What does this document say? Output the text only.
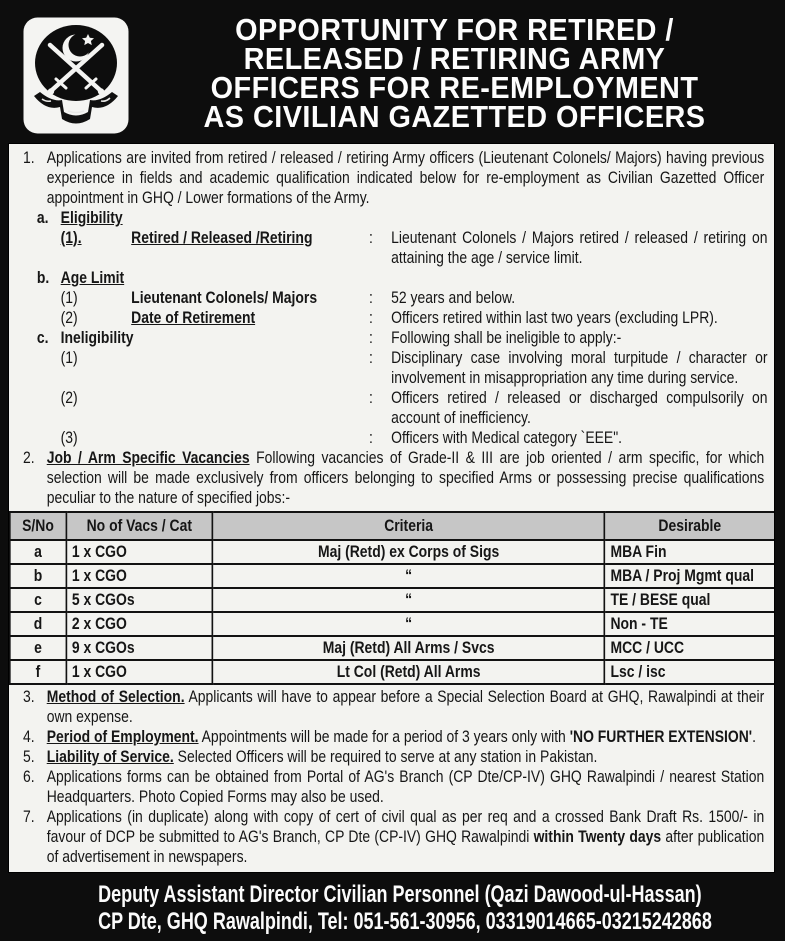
OPPORTUNITY FOR RETIRED /
RELEASED / RETIRING ARMY
OFFICERS FOR RE-EMPLOYMENT
AS CIVILIAN GAZETTED OFFICERS
1. Applications are invited from retired / released / retiring Army officers (Lieutenant Colonels/ Majors) having previous experience in fields and academic qualification indicated below for re-employment as Civilian Gazetted Officer appointment in GHQ / Lower formations of the Army.

a. Eligibility
(1).	Retired / Released /Retiring	:	Lieutenant Colonels / Majors retired / released / retiring on attaining the age / service limit.
b. Age Limit
(1)	Lieutenant Colonels/ Majors	:	52 years and below.
(2)	Date of Retirement	:	Officers retired within last two years (excluding LPR).
c. Ineligibility	:	Following shall be ineligible to apply:-
(1)	:	Disciplinary case involving moral turpitude / character or involvement in misappropriation any time during service.
(2)	:	Officers retired / released or discharged compulsorily on account of inefficiency.
(3)	:	Officers with Medical category `EEE".
2. Job / Arm Specific Vacancies Following vacancies of Grade-II & III are job oriented / arm specific, for which selection will be made exclusively from officers belonging to specified Arms or possessing precise qualifications peculiar to the nature of specified jobs:-

S/No	No of Vacs / Cat	Criteria	Desirable
a	1 x CGO	Maj (Retd) ex Corps of Sigs	MBA Fin
b	1 x CGO	“	MBA / Proj Mgmt qual
c	5 x CGOs	“	TE / BESE qual
d	2 x CGO	“	Non - TE
e	9 x CGOs	Maj (Retd) All Arms / Svcs	MCC / UCC
f	1 x CGO	Lt Col (Retd) All Arms	Lsc / isc
3. Method of Selection. Applicants will have to appear before a Special Selection Board at GHQ, Rawalpindi at their own expense.

4. Period of Employment. Appointments will be made for a period of 3 years only with 'NO FURTHER EXTENSION'.

5. Liability of Service. Selected Officers will be required to serve at any station in Pakistan.

6. Applications forms can be obtained from Portal of AG's Branch (CP Dte/CP-IV) GHQ Rawalpindi / nearest Station Headquarters. Photo Copied Forms may also be used.

7. Applications (in duplicate) along with copy of cert of civil qual as per req and a crossed Bank Draft Rs. 1500/- in favour of DCP be submitted to AG's Branch, CP Dte (CP-IV) GHQ Rawalpindi within Twenty days after publication of advertisement in newspapers.

Deputy Assistant Director Civilian Personnel (Qazi Dawood-ul-Hassan)
CP Dte, GHQ Rawalpindi, Tel: 051-561-30956, 03319014665-03215242868
